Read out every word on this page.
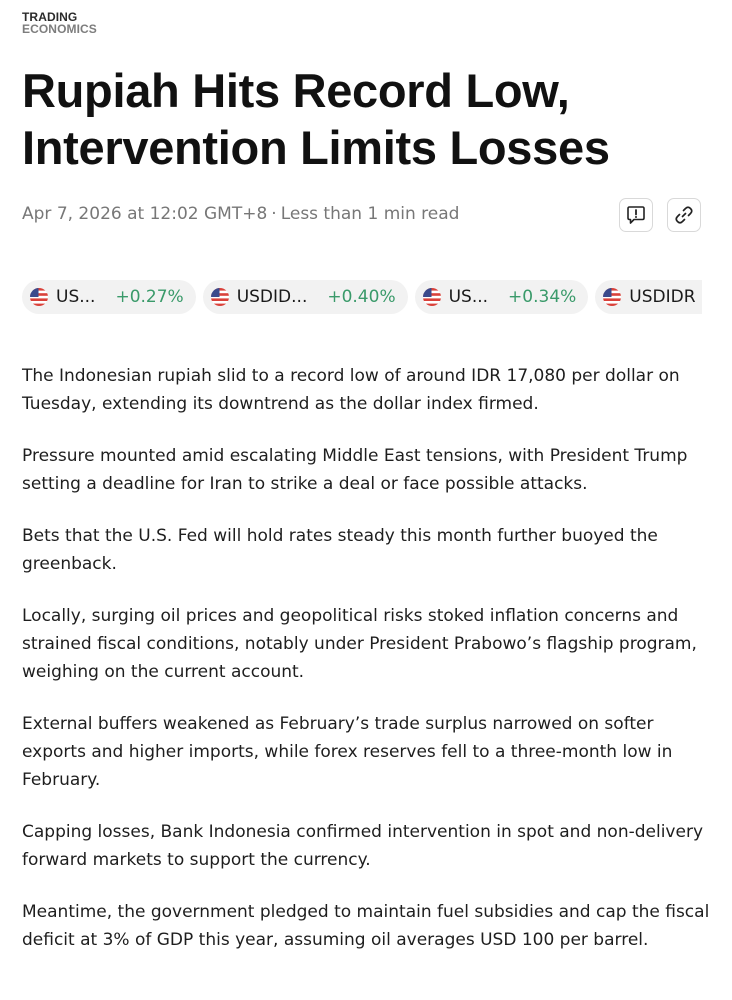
TRADING
ECONOMICS
Rupiah Hits Record Low, Intervention Limits Losses
Apr 7, 2026 at 12:02 GMT+8 · Less than 1 min read
US... +0.27%	USDID... +0.40%	US... +0.34%	USDIDR

The Indonesian rupiah slid to a record low of around IDR 17,080 per dollar on Tuesday, extending its downtrend as the dollar index firmed.

Pressure mounted amid escalating Middle East tensions, with President Trump setting a deadline for Iran to strike a deal or face possible attacks.

Bets that the U.S. Fed will hold rates steady this month further buoyed the greenback.

Locally, surging oil prices and geopolitical risks stoked inflation concerns and strained fiscal conditions, notably under President Prabowo’s flagship program, weighing on the current account.

External buffers weakened as February’s trade surplus narrowed on softer exports and higher imports, while forex reserves fell to a three-month low in February.

Capping losses, Bank Indonesia confirmed intervention in spot and non-delivery forward markets to support the currency.

Meantime, the government pledged to maintain fuel subsidies and cap the fiscal deficit at 3% of GDP this year, assuming oil averages USD 100 per barrel.
